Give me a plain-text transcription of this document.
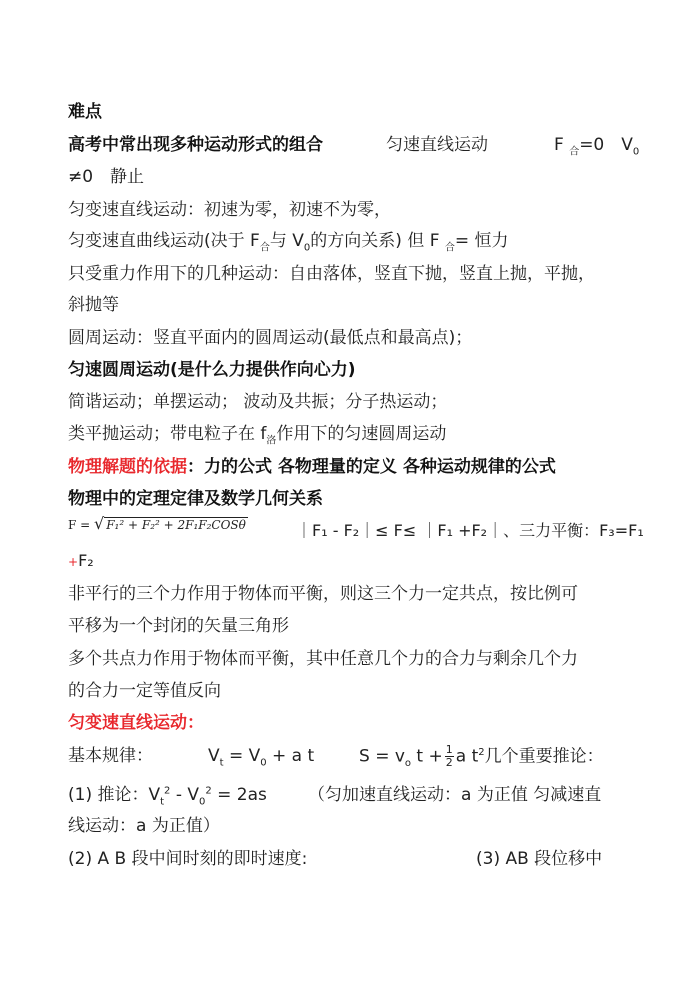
难点
高考中常出现多种运动形式的组合	匀速直线运动	F $_合$=0　 $V_0$
≠0　静止
匀变速直线运动：初速为零，初速不为零，
匀变速直曲线运动(决于 $F_合$与 $V_0$的方向关系) 但 F $_合$= 恒力
只受重力作用下的几种运动：自由落体，竖直下抛，竖直上抛，平抛，
斜抛等
圆周运动：竖直平面内的圆周运动(最低点和最高点)；
匀速圆周运动(是什么力提供作向心力)
简谐运动；单摆运动； 波动及共振；分子热运动；
类平抛运动；带电粒子在 $f_洛$作用下的匀速圆周运动
物理解题的依据：力的公式 各物理量的定义 各种运动规律的公式
物理中的定理定律及数学几何关系
F = √ F₁² + F₂² + 2F₁F₂COSθ	｜F₁ - F₂｜≤ F≤ ｜F₁ +F₂｜、三力平衡：F₃=F₁
+F₂
非平行的三个力作用于物体而平衡，则这三个力一定共点，按比例可
平移为一个封闭的矢量三角形
多个共点力作用于物体而平衡，其中任意几个力的合力与剩余几个力
的合力一定等值反向
匀变速直线运动：
基本规律：	$V_t = V_0 + a$ t	$S = v_o$ $t + \frac{1}{2}$ a $t^2$几个重要推论：
(1) 推论：$V_t^2 - V_0^2 = 2as$ （匀加速直线运动：a 为正值 匀减速直
线运动：a 为正值）
(2) A B 段中间时刻的即时速度:	(3) AB 段位移中
